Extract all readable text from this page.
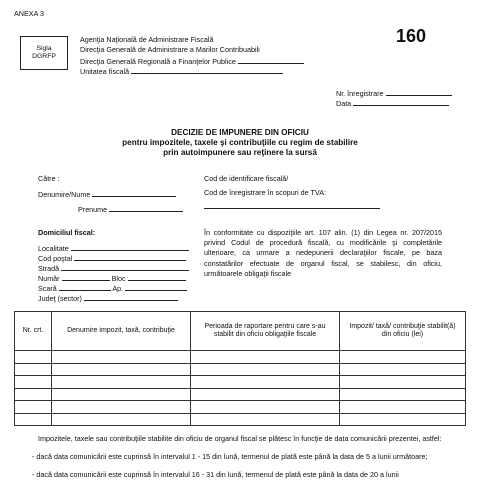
ANEXA 3
Sigla
DGRFP
Agenţia Naţională de Administrare Fiscală
Direcţia Generală de Administrare a Marilor Contribuabili
Direcţia Generală Regională a Finanţelor Publice
Unitatea fiscală
160
Nr. înregistrare
Data
DECIZIE DE IMPUNERE DIN OFICIU
pentru impozitele, taxele şi contribuţiile cu regim de stabilire
prin autoimpunere sau reţinere la sursă
Către :
Denumire/Nume
Prenume
Cod de identificare fiscală/
Cod de înregistrare în scopuri de TVA:
Domiciliul fiscal:
Localitate
Cod poştal
Stradă
Număr	Bloc
Scară	Ap.
Judeţ (sector)
În conformitate cu dispoziţiile art. 107 alin. (1) din Legea nr. 207/2015 privind Codul de procedură fiscală, cu modificările şi completările ulterioare, ca urmare a nedepunerii declaraţiilor fiscale, pe baza constatărilor efectuate de organul fiscal, se stabilesc, din oficiu, următoarele obligaţii fiscale
Nr. crt.	Denumire impozit, taxă, contribuţie	Perioada de raportare pentru care s-au stabilit din oficiu obligaţiile fiscale	Impozit/ taxă/ contribuţie stabilit(ă) din oficiu (lei)

Impozitele, taxele sau contribuţiile stabilite din oficiu de organul fiscal se plătesc în funcţie de data comunicării prezentei, astfel:
- dacă data comunicării este cuprinsă în intervalul 1 - 15 din lună, termenul de plată este până la data de 5 a lunii următoare;
- dacă data comunicării este cuprinsă în intervalul 16 - 31 din lună, termenul de plată este până la data de 20 a lunii
